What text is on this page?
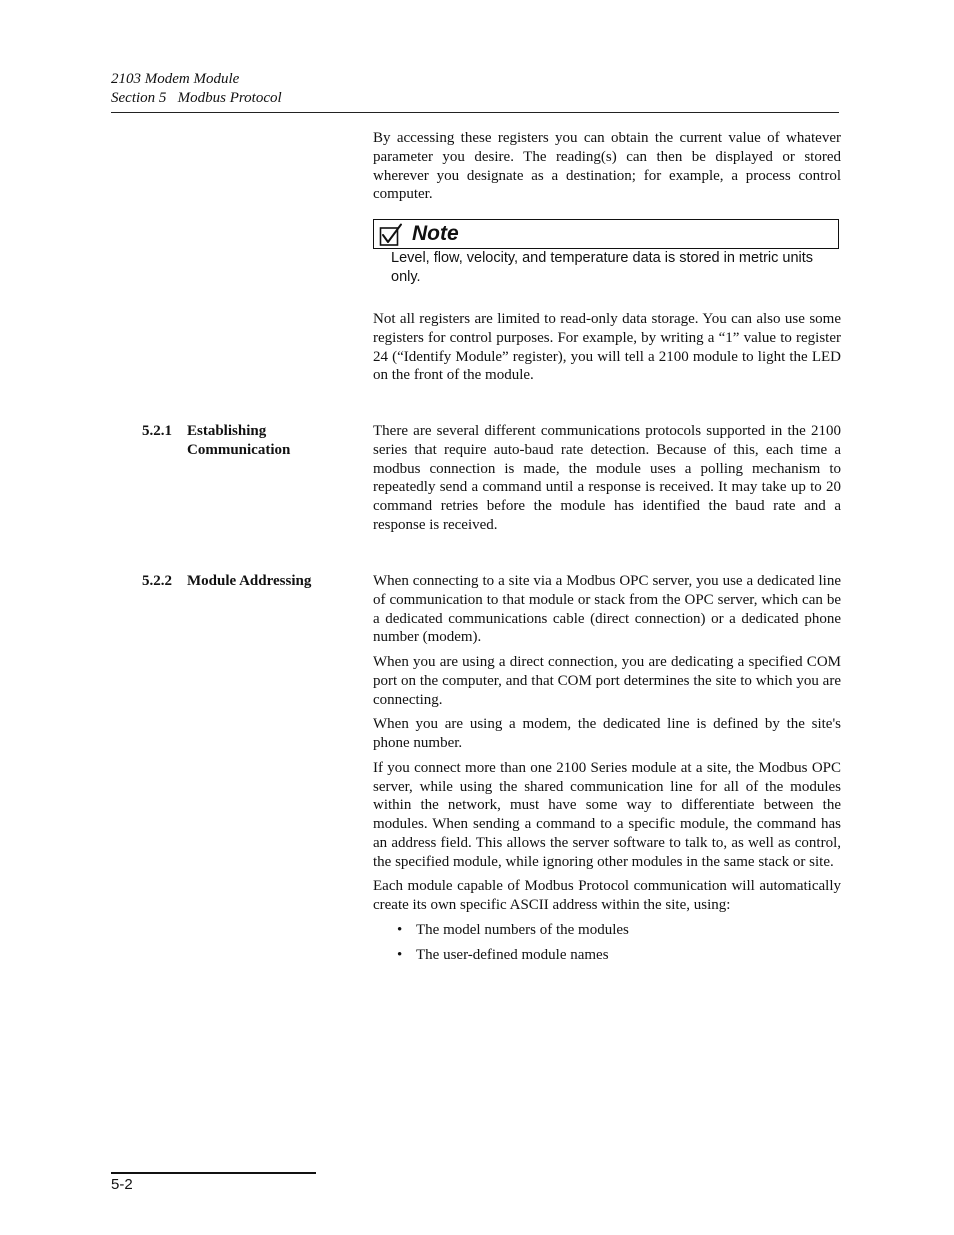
2103 Modem Module
Section 5   Modbus Protocol

By accessing these registers you can obtain the current value of whatever parameter you desire. The reading(s) can then be displayed or stored wherever you designate as a destination; for example, a process control computer.

Note
Level, flow, velocity, and temperature data is stored in metric units only.

Not all registers are limited to read-only data storage. You can also use some registers for control purposes. For example, by writing a “1” value to register 24 (“Identify Module” register), you will tell a 2100 module to light the LED on the front of the module.

5.2.1 Establishing
Communication

There are several different communications protocols supported in the 2100 series that require auto-baud rate detection. Because of this, each time a modbus connection is made, the module uses a polling mechanism to repeatedly send a command until a response is received. It may take up to 20 command retries before the module has identified the baud rate and a response is received.

5.2.2 Module Addressing	When connecting to a site via a Modbus OPC server, you use a dedicated line of communication to that module or stack from the OPC server, which can be a dedicated communications cable (direct connection) or a dedicated phone number (modem).

When you are using a direct connection, you are dedicating a specified COM port on the computer, and that COM port determines the site to which you are connecting.

When you are using a modem, the dedicated line is defined by the site's phone number.

If you connect more than one 2100 Series module at a site, the Modbus OPC server, while using the shared communication line for all of the modules within the network, must have some way to differentiate between the modules. When sending a command to a specific module, the command has an address field. This allows the server software to talk to, as well as control, the specified module, while ignoring other modules in the same stack or site.

Each module capable of Modbus Protocol communication will automatically create its own specific ASCII address within the site, using:

• The model numbers of the modules
• The user-defined module names
5-2
